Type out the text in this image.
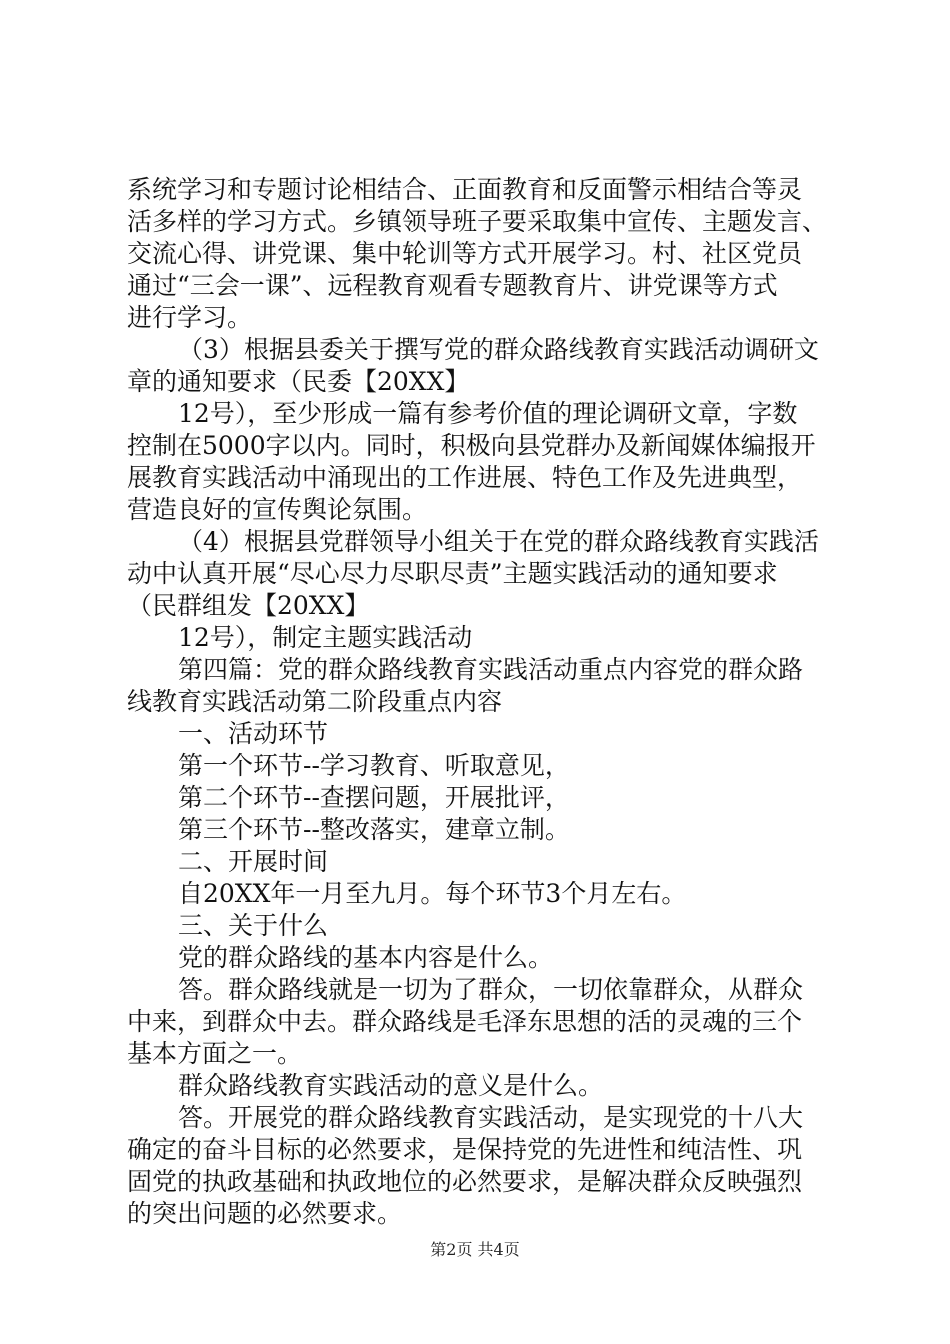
系统学习和专题讨论相结合、正面教育和反面警示相结合等灵
活多样的学习方式。乡镇领导班子要采取集中宣传、主题发言、
交流心得、讲党课、集中轮训等方式开展学习。村、社区党员
通过“三会一课”、远程教育观看专题教育片、讲党课等方式
进行学习。
（3）根据县委关于撰写党的群众路线教育实践活动调研文
章的通知要求（民委【20XX】
12号），至少形成一篇有参考价值的理论调研文章，字数
控制在5000字以内。同时，积极向县党群办及新闻媒体编报开
展教育实践活动中涌现出的工作进展、特色工作及先进典型，
营造良好的宣传舆论氛围。
（4）根据县党群领导小组关于在党的群众路线教育实践活
动中认真开展“尽心尽力尽职尽责”主题实践活动的通知要求
（民群组发【20XX】
12号），制定主题实践活动
第四篇：党的群众路线教育实践活动重点内容党的群众路
线教育实践活动第二阶段重点内容
一、活动环节
第一个环节--学习教育、听取意见，
第二个环节--查摆问题，开展批评，
第三个环节--整改落实，建章立制。
二、开展时间
自20XX年一月至九月。每个环节3个月左右。
三、关于什么
党的群众路线的基本内容是什么。
答。群众路线就是一切为了群众，一切依靠群众，从群众
中来，到群众中去。群众路线是毛泽东思想的活的灵魂的三个
基本方面之一。
群众路线教育实践活动的意义是什么。
答。开展党的群众路线教育实践活动，是实现党的十八大
确定的奋斗目标的必然要求，是保持党的先进性和纯洁性、巩
固党的执政基础和执政地位的必然要求，是解决群众反映强烈
的突出问题的必然要求。
第2页 共4页
